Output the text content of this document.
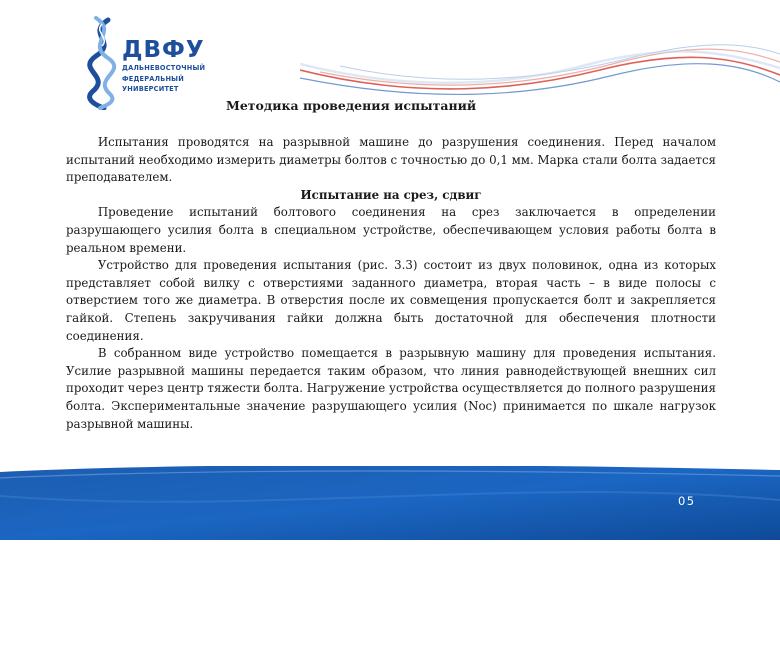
ДВФУ
ДАЛЬНЕВОСТОЧНЫЙ
ФЕДЕРАЛЬНЫЙ
УНИВЕРСИТЕТ
Методика проведения испытаний

Испытания проводятся на разрывной машине до разрушения соединения. Перед началом испытаний необходимо измерить диаметры болтов с точностью до 0,1 мм. Марка стали болта задается преподавателем.

Испытание на срез, сдвиг

Проведение испытаний болтового соединения на срез заключается в определении разрушающего усилия болта в специальном устройстве, обеспечивающем условия работы болта в реальном времени.

Устройство для проведения испытания (рис. 3.3) состоит из двух половинок, одна из которых представляет собой вилку с отверстиями заданного диаметра, вторая часть – в виде полосы с отверстием того же диаметра. В отверстия после их совмещения пропускается болт и закрепляется гайкой. Степень закручивания гайки должна быть достаточной для обеспечения плотности соединения.

В собранном виде устройство помещается в разрывную машину для проведения испытания. Усилие разрывной машины передается таким образом, что линия равнодействующей внешних сил проходит через центр тяжести болта. Нагружение устройства осуществляется до полного разрушения болта. Экспериментальные значение разрушающего усилия (Nос) принимается по шкале нагрузок разрывной машины.

ЭЛЕКТРОННАЯ ПРЕЗЕНТАЦИЯ

УНИВЕРСИТЕТА

201

3

05
